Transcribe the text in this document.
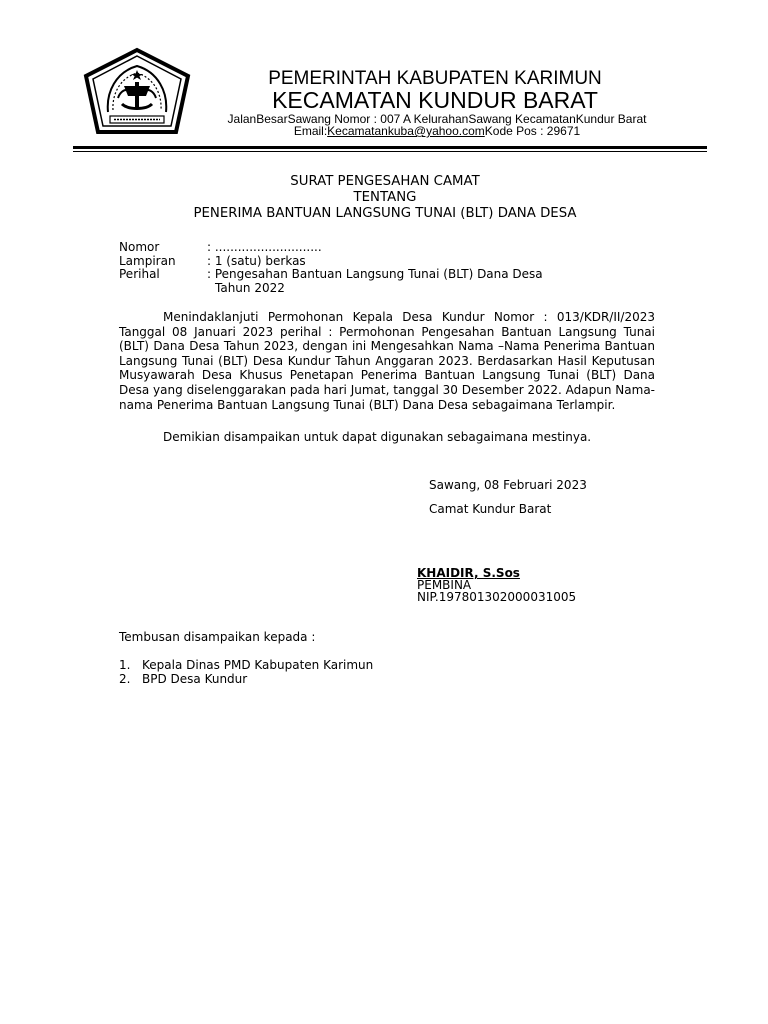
PEMERINTAH KABUPATEN KARIMUN
KECAMATAN KUNDUR BARAT
JalanBesarSawang Nomor : 007 A KelurahanSawang KecamatanKundur Barat
Email:Kecamatankuba@yahoo.comKode Pos : 29671
SURAT PENGESAHAN CAMAT
TENTANG
PENERIMA BANTUAN LANGSUNG TUNAI (BLT) DANA DESA
Nomor	: ............................
Lampiran	: 1 (satu) berkas
Perihal	: Pengesahan Bantuan Langsung Tunai (BLT) Dana Desa
Tahun 2022
Menindaklanjuti Permohonan Kepala Desa Kundur Nomor : 013/KDR/II/2023 Tanggal 08 Januari 2023 perihal : Permohonan Pengesahan Bantuan Langsung Tunai (BLT) Dana Desa Tahun 2023, dengan ini Mengesahkan Nama –Nama Penerima Bantuan Langsung Tunai (BLT) Desa Kundur Tahun Anggaran 2023. Berdasarkan Hasil Keputusan Musyawarah Desa Khusus Penetapan Penerima Bantuan Langsung Tunai (BLT) Dana Desa yang diselenggarakan pada hari Jumat, tanggal 30 Desember 2022. Adapun Nama-nama Penerima Bantuan Langsung Tunai (BLT) Dana Desa sebagaimana Terlampir.
Demikian disampaikan untuk dapat digunakan sebagaimana mestinya.
Sawang, 08 Februari 2023
Camat Kundur Barat
KHAIDIR, S.Sos
PEMBINA
NIP.197801302000031005
Tembusan disampaikan kepada :
1. Kepala Dinas PMD Kabupaten Karimun
2. BPD Desa Kundur
